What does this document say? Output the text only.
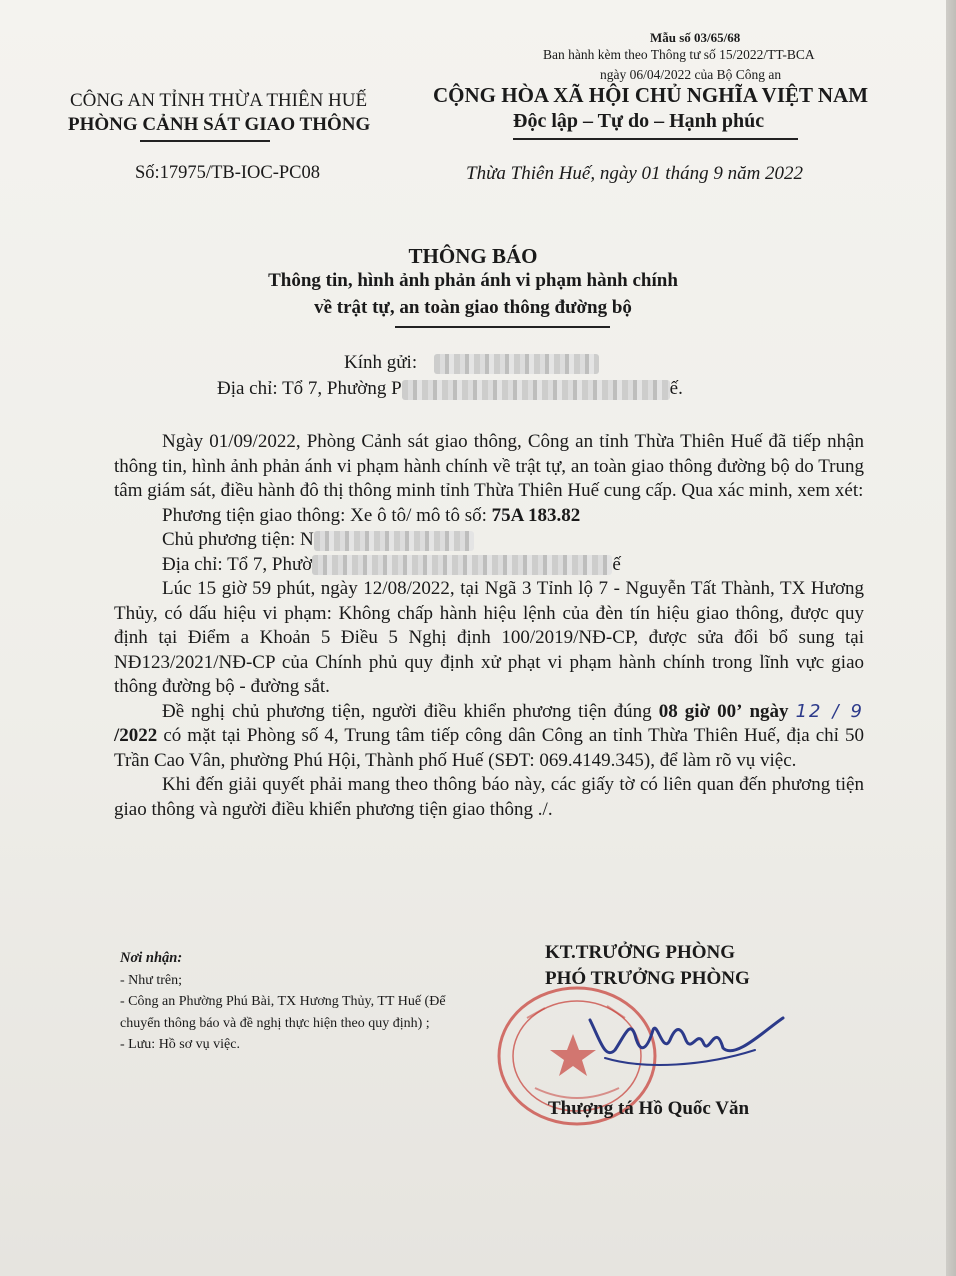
Mẫu số 03/65/68
Ban hành kèm theo Thông tư số 15/2022/TT-BCA
ngày 06/04/2022 của Bộ Công an
CÔNG AN TỈNH THỪA THIÊN HUẾ
PHÒNG CẢNH SÁT GIAO THÔNG
CỘNG HÒA XÃ HỘI CHỦ NGHĨA VIỆT NAM
Độc lập – Tự do – Hạnh phúc
Số:17975/TB-IOC-PC08	Thừa Thiên Huế, ngày 01 tháng 9 năm 2022
THÔNG BÁO
Thông tin, hình ảnh phản ánh vi phạm hành chính
về trật tự, an toàn giao thông đường bộ
Kính gửi:
Địa chỉ: Tổ 7, Phường P	ế.
Ngày 01/09/2022, Phòng Cảnh sát giao thông, Công an tỉnh Thừa Thiên Huế đã tiếp nhận thông tin, hình ảnh phản ánh vi phạm hành chính về trật tự, an toàn giao thông đường bộ do Trung tâm giám sát, điều hành đô thị thông minh tỉnh Thừa Thiên Huế cung cấp. Qua xác minh, xem xét:
Phương tiện giao thông: Xe ô tô/ mô tô số: 75A 183.82
Chủ phương tiện: N
Địa chỉ: Tổ 7, Phườ	ế
Lúc 15 giờ 59 phút, ngày 12/08/2022, tại Ngã 3 Tỉnh lộ 7 - Nguyễn Tất Thành, TX Hương Thủy, có dấu hiệu vi phạm: Không chấp hành hiệu lệnh của đèn tín hiệu giao thông, được quy định tại Điểm a Khoản 5 Điều 5 Nghị định 100/2019/NĐ-CP, được sửa đổi bổ sung tại NĐ123/2021/NĐ-CP của Chính phủ quy định xử phạt vi phạm hành chính trong lĩnh vực giao thông đường bộ - đường sắt.
Đề nghị chủ phương tiện, người điều khiển phương tiện đúng 08 giờ 00’ ngày 12 / 9 /2022 có mặt tại Phòng số 4, Trung tâm tiếp công dân Công an tỉnh Thừa Thiên Huế, địa chỉ 50 Trần Cao Vân, phường Phú Hội, Thành phố Huế (SĐT: 069.4149.345), để làm rõ vụ việc.
Khi đến giải quyết phải mang theo thông báo này, các giấy tờ có liên quan đến phương tiện giao thông và người điều khiển phương tiện giao thông ./.
Nơi nhận:
- Như trên;
- Công an Phường Phú Bài, TX Hương Thủy, TT Huế (Để chuyển thông báo và đề nghị thực hiện theo quy định) ;
- Lưu: Hồ sơ vụ việc.
KT.TRƯỞNG PHÒNG
PHÓ TRƯỞNG PHÒNG
Thượng tá Hồ Quốc Văn
